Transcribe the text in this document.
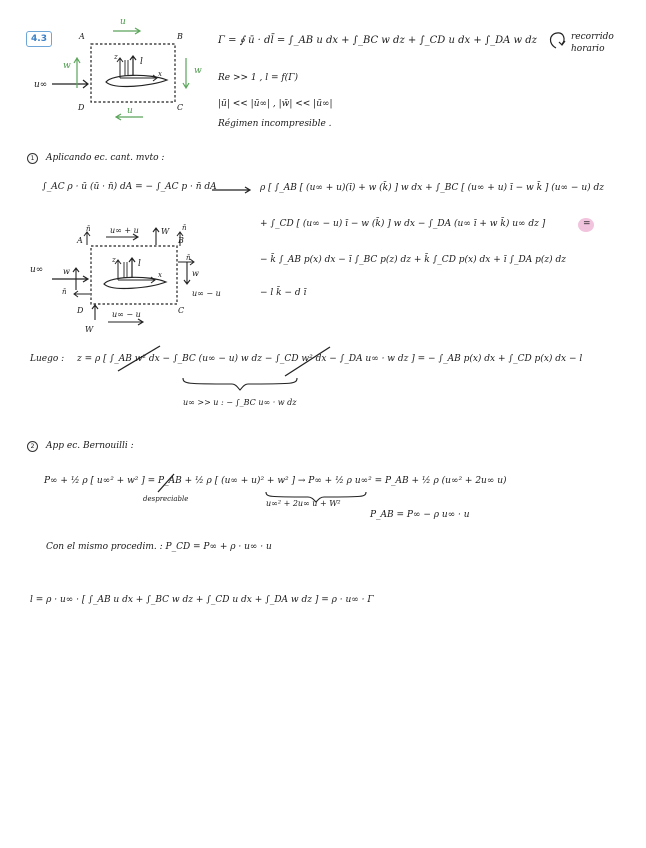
4.3	Γ = ∮ ū · dl̄ = ∫_AB u dx + ∫_BC w dz + ∫_CD u dx + ∫_DA w dz	recorrido
horario
Re >> 1 , l = f(Γ)
|ū| << |ū∞| , |w̄| << |ū∞|
Régimen incompresible .
A	B
C
D
u
u
w	w
u∞
l
x
z
1	Aplicando ec. cant. mvto :
∫_AC ρ · ū (ū · n̄) dA = − ∫_AC p · n̄ dA	ρ [ ∫_AB [ (u∞ + u)(ī) + w (k̄) ] w dx + ∫_BC [ (u∞ + u) ī − w k̄ ] (u∞ − u) dz
+ ∫_CD [ (u∞ − u) ī − w (k̄) ] w dx − ∫_DA (u∞ ī + w k̄) u∞ dz ]	=
− k̄ ∫_AB p(x) dx − ī ∫_BC p(z) dz + k̄ ∫_CD p(x) dx + ī ∫_DA p(z) dz
− l k̄ − d ī
A	B
C
D
u∞ + u
u∞ − u
u∞ w	w
W
W
n̄	n̄
n̄
n̄
u∞ − u
l
x
z
Luego : z = ρ [ ∫_AB w² dx − ∫_BC (u∞ − u) w dz − ∫_CD w² dx − ∫_DA u∞ · w dz ] = − ∫_AB p(x) dx + ∫_CD p(x) dx − l
u∞ >> u : − ∫_BC u∞ · w dz
2	App ec. Bernouilli :
P∞ + ½ ρ [ u∞² + w² ] = P_AB + ½ ρ [ (u∞ + u)² + w² ] → P∞ + ½ ρ u∞² = P_AB + ½ ρ (u∞² + 2u∞ u)
despreciable	u∞² + 2u∞ u + W²
P_AB = P∞ − ρ u∞ · u
Con el mismo procedim. : P_CD = P∞ + ρ · u∞ · u
l = ρ · u∞ · [ ∫_AB u dx + ∫_BC w dz + ∫_CD u dx + ∫_DA w dz ] = ρ · u∞ · Γ
